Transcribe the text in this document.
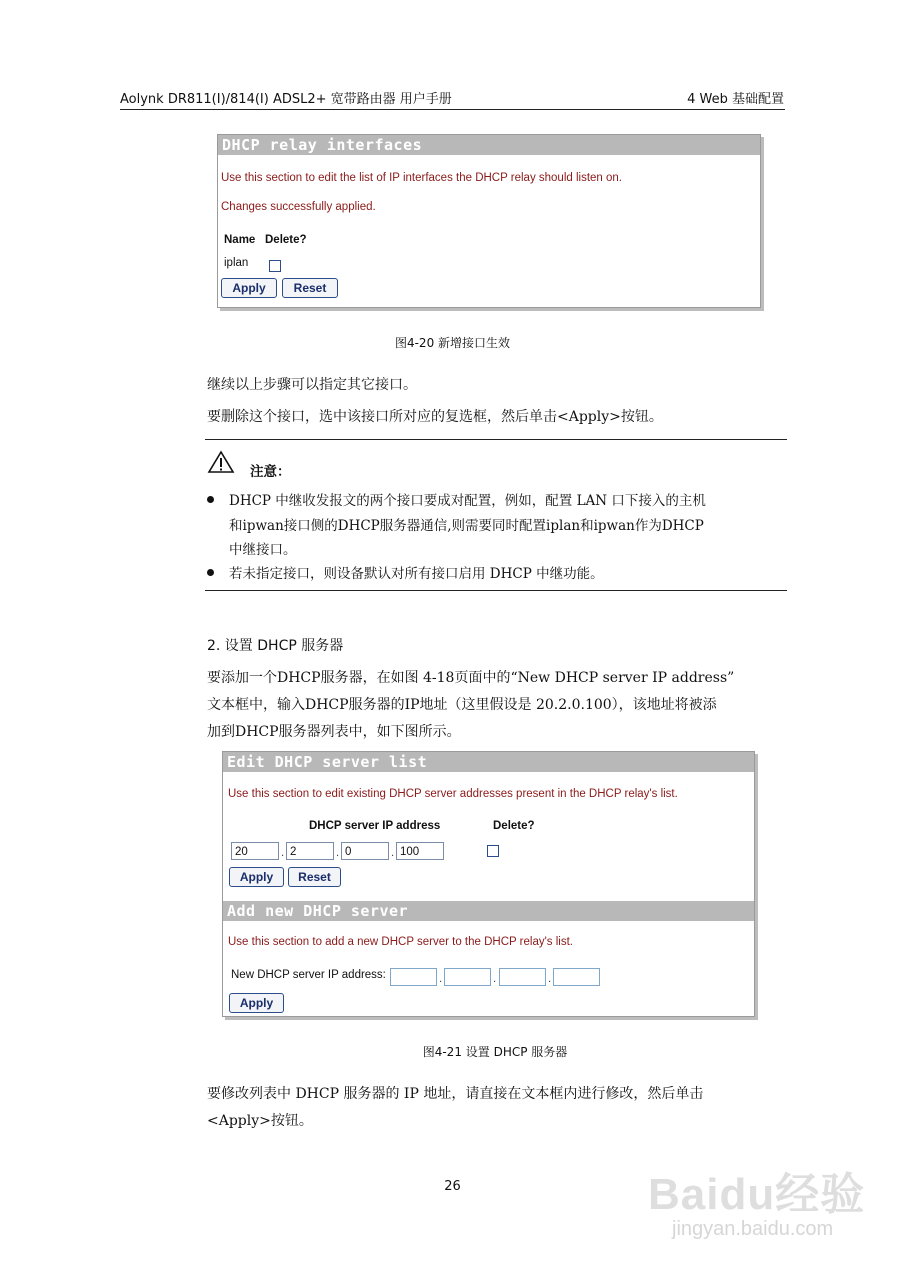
Aolynk DR811(I)/814(I) ADSL2+ 宽带路由器 用户手册	4 Web 基础配置
DHCP relay interfaces
Use this section to edit the list of IP interfaces the DHCP relay should listen on.
Changes successfully applied.
Name Delete?
iplan
Apply	Reset
图4-20 新增接口生效
继续以上步骤可以指定其它接口。
要删除这个接口，选中该接口所对应的复选框，然后单击<Apply>按钮。
注意：
DHCP 中继收发报文的两个接口要成对配置，例如，配置 LAN 口下接入的主机
和ipwan接口侧的DHCP服务器通信,则需要同时配置iplan和ipwan作为DHCP
中继接口。
若未指定接口，则设备默认对所有接口启用 DHCP 中继功能。
2. 设置 DHCP 服务器
要添加一个DHCP服务器，在如图 4-18页面中的“New DHCP server IP address”
文本框中，输入DHCP服务器的IP地址（这里假设是 20.2.0.100），该地址将被添
加到DHCP服务器列表中，如下图所示。
Edit DHCP server list
Use this section to edit existing DHCP server addresses present in the DHCP relay's list.
DHCP server IP address	Delete?
20	. 2	. 0	. 100
Apply	Reset
Add new DHCP server
Use this section to add a new DHCP server to the DHCP relay's list.
New DHCP server IP address:	.	.	.
Apply
图4-21 设置 DHCP 服务器
要修改列表中 DHCP 服务器的 IP 地址，请直接在文本框内进行修改，然后单击
<Apply>按钮。
26	Baidu经验
jingyan.baidu.com
